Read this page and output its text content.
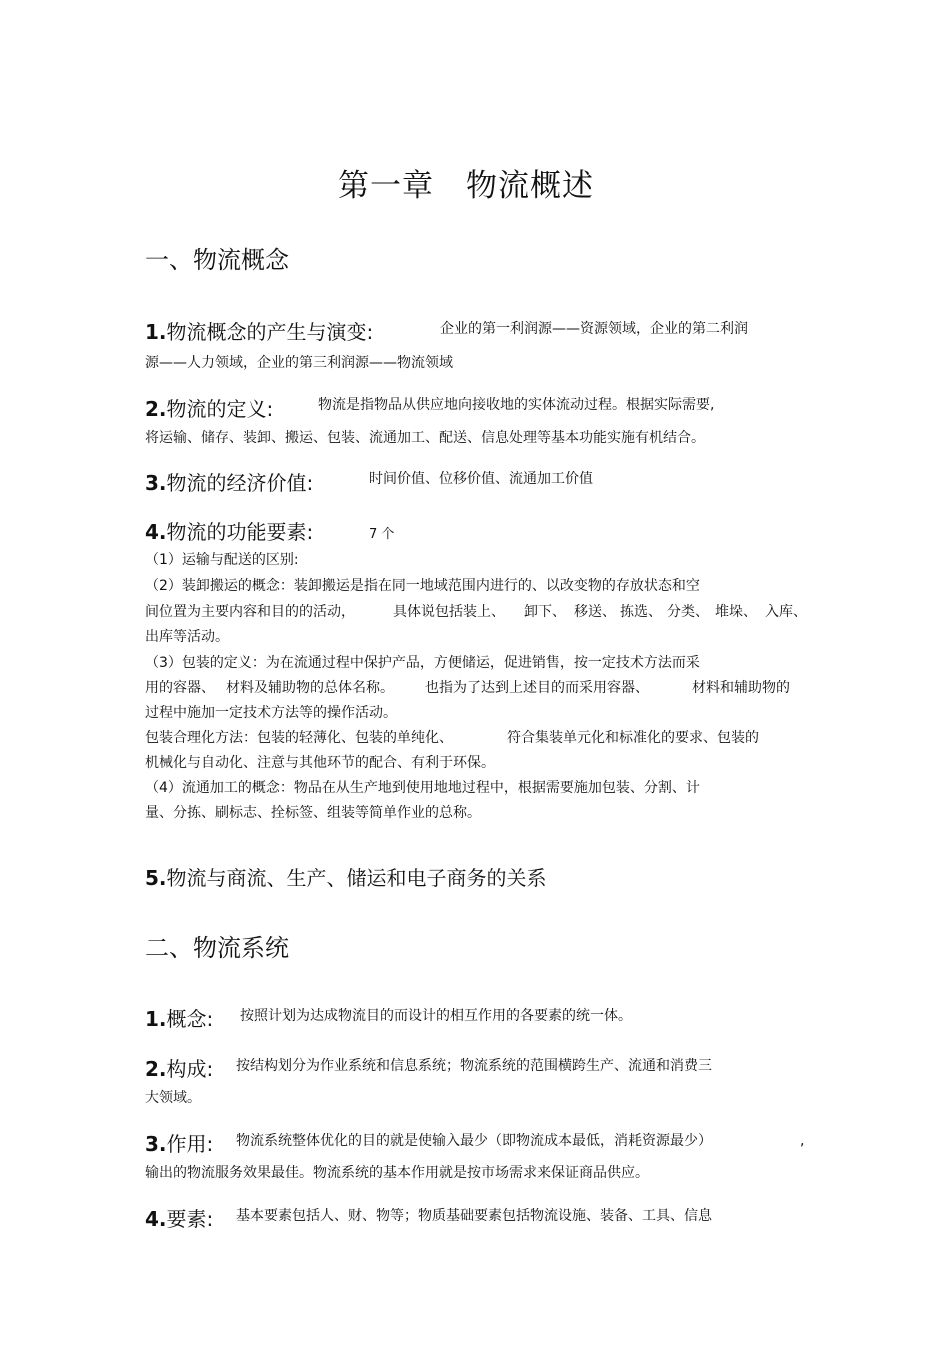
第一章　物流概述
一、物流概念
1.物流概念的产生与演变:	企业的第一利润源——资源领域，企业的第二利润
源——人力领域，企业的第三利润源——物流领域
2.物流的定义:	物流是指物品从供应地向接收地的实体流动过程。根据实际需要,
将运输、储存、装卸、搬运、包装、流通加工、配送、信息处理等基本功能实施有机结合。
3.物流的经济价值:	时间价值、位移价值、流通加工价值
4.物流的功能要素:	7 个
（1）运输与配送的区别:
（2）装卸搬运的概念：装卸搬运是指在同一地域范围内进行的、以改变物的存放状态和空
间位置为主要内容和目的的活动，	具体说包括装上、 卸下、 移送、 拣选、 分类、 堆垛、 入库、
出库等活动。
（3）包装的定义：为在流通过程中保护产品，方便储运，促进销售，按一定技术方法而采
用的容器、 材料及辅助物的总体名称。 也指为了达到上述目的而采用容器、	材料和辅助物的
过程中施加一定技术方法等的操作活动。
包装合理化方法：包装的轻薄化、包装的单纯化、	符合集装单元化和标准化的要求、包装的
机械化与自动化、注意与其他环节的配合、有利于环保。
（4）流通加工的概念：物品在从生产地到使用地地过程中，根据需要施加包装、分割、计
量、分拣、刷标志、拴标签、组装等简单作业的总称。
5.物流与商流、生产、储运和电子商务的关系
二、物流系统
1.概念: 按照计划为达成物流目的而设计的相互作用的各要素的统一体。
2.构成: 按结构划分为作业系统和信息系统；物流系统的范围横跨生产、流通和消费三
大领域。
3.作用: 物流系统整体优化的目的就是使输入最少（即物流成本最低，消耗资源最少）	,
输出的物流服务效果最佳。物流系统的基本作用就是按市场需求来保证商品供应。
4.要素: 基本要素包括人、财、物等；物质基础要素包括物流设施、装备、工具、信息
